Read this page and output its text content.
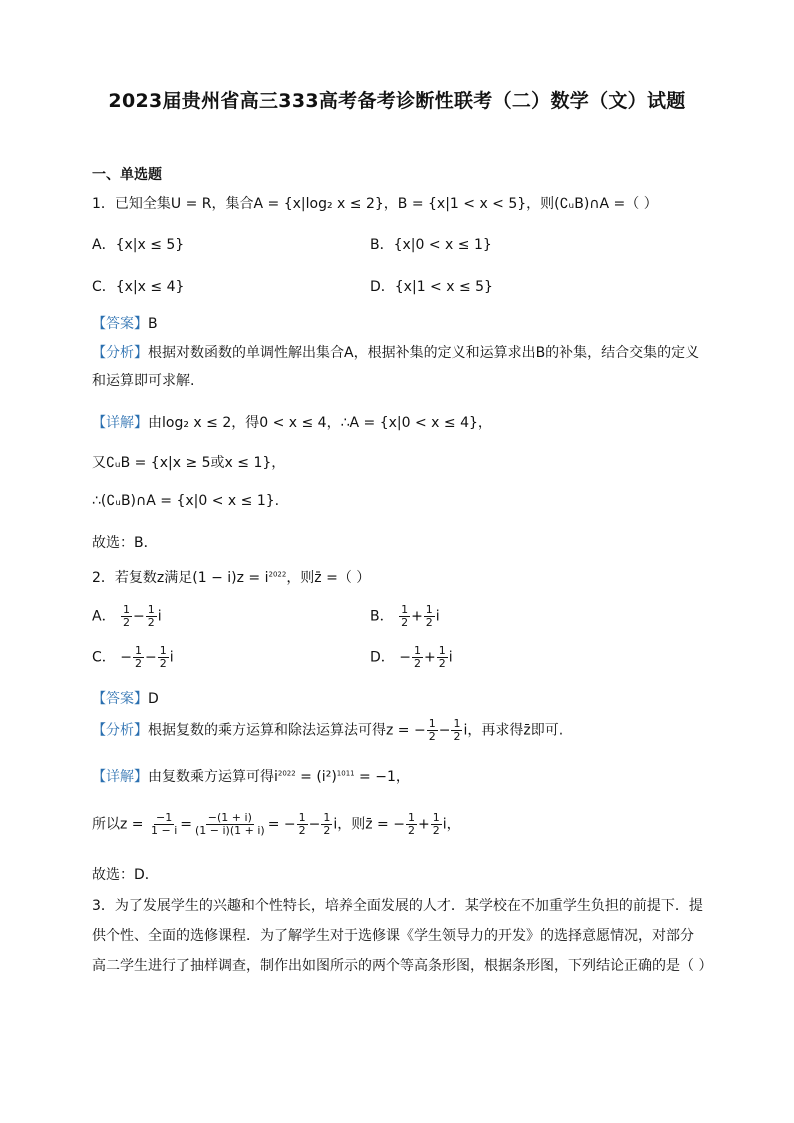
2023届贵州省高三333高考备考诊断性联考（二）数学（文）试题
一、单选题
1．已知全集U = R，集合A = {x|log₂ x ≤ 2}，B = {x|1 < x < 5}，则(∁ᵤB)∩A =（ ）
A．{x|x ≤ 5}	B．{x|0 < x ≤ 1}
C．{x|x ≤ 4}	D．{x|1 < x ≤ 5}
【答案】B
【分析】根据对数函数的单调性解出集合A，根据补集的定义和运算求出B的补集，结合交集的定义和运算即可求解.
【详解】由log₂ x ≤ 2，得0 < x ≤ 4，∴A = {x|0 < x ≤ 4}，
又∁ᵤB = {x|x ≥ 5或x ≤ 1}，
∴(∁ᵤB)∩A = {x|0 < x ≤ 1}.
故选：B．
2．若复数z满足$(1 - i)z = i^{2022}$，则z̄ =（ ）
A． $\frac{1}{2} - \frac{1}{2}$ i	B． $\frac{1}{2} + \frac{1}{2}$ i
C． − $\frac{1}{2} - \frac{1}{2}$ i	D． − $\frac{1}{2} + \frac{1}{2}$ i
【答案】D
【分析】根据复数的乘方运算和除法运算法可得z = − $\frac{1}{2} - \frac{1}{2}$ i，再求得z̄即可.
【详解】由复数乘方运算可得$i^{2022} = (i^2)^{1011} = -1$，
所以$z = \frac{-1}{1 - i} = \frac{-(1 + i)}{(1 - i)(1 + i)}$ = − $\frac{1}{2} - \frac{1}{2}$ i，则z̄ = − $\frac{1}{2} + \frac{1}{2}$ i，
故选：D．
3．为了发展学生的兴趣和个性特长，培养全面发展的人才．某学校在不加重学生负担的前提下．提供个性、全面的选修课程．为了解学生对于选修课《学生领导力的开发》的选择意愿情况，对部分高二学生进行了抽样调查，制作出如图所示的两个等高条形图，根据条形图，下列结论正确的是（ ）
